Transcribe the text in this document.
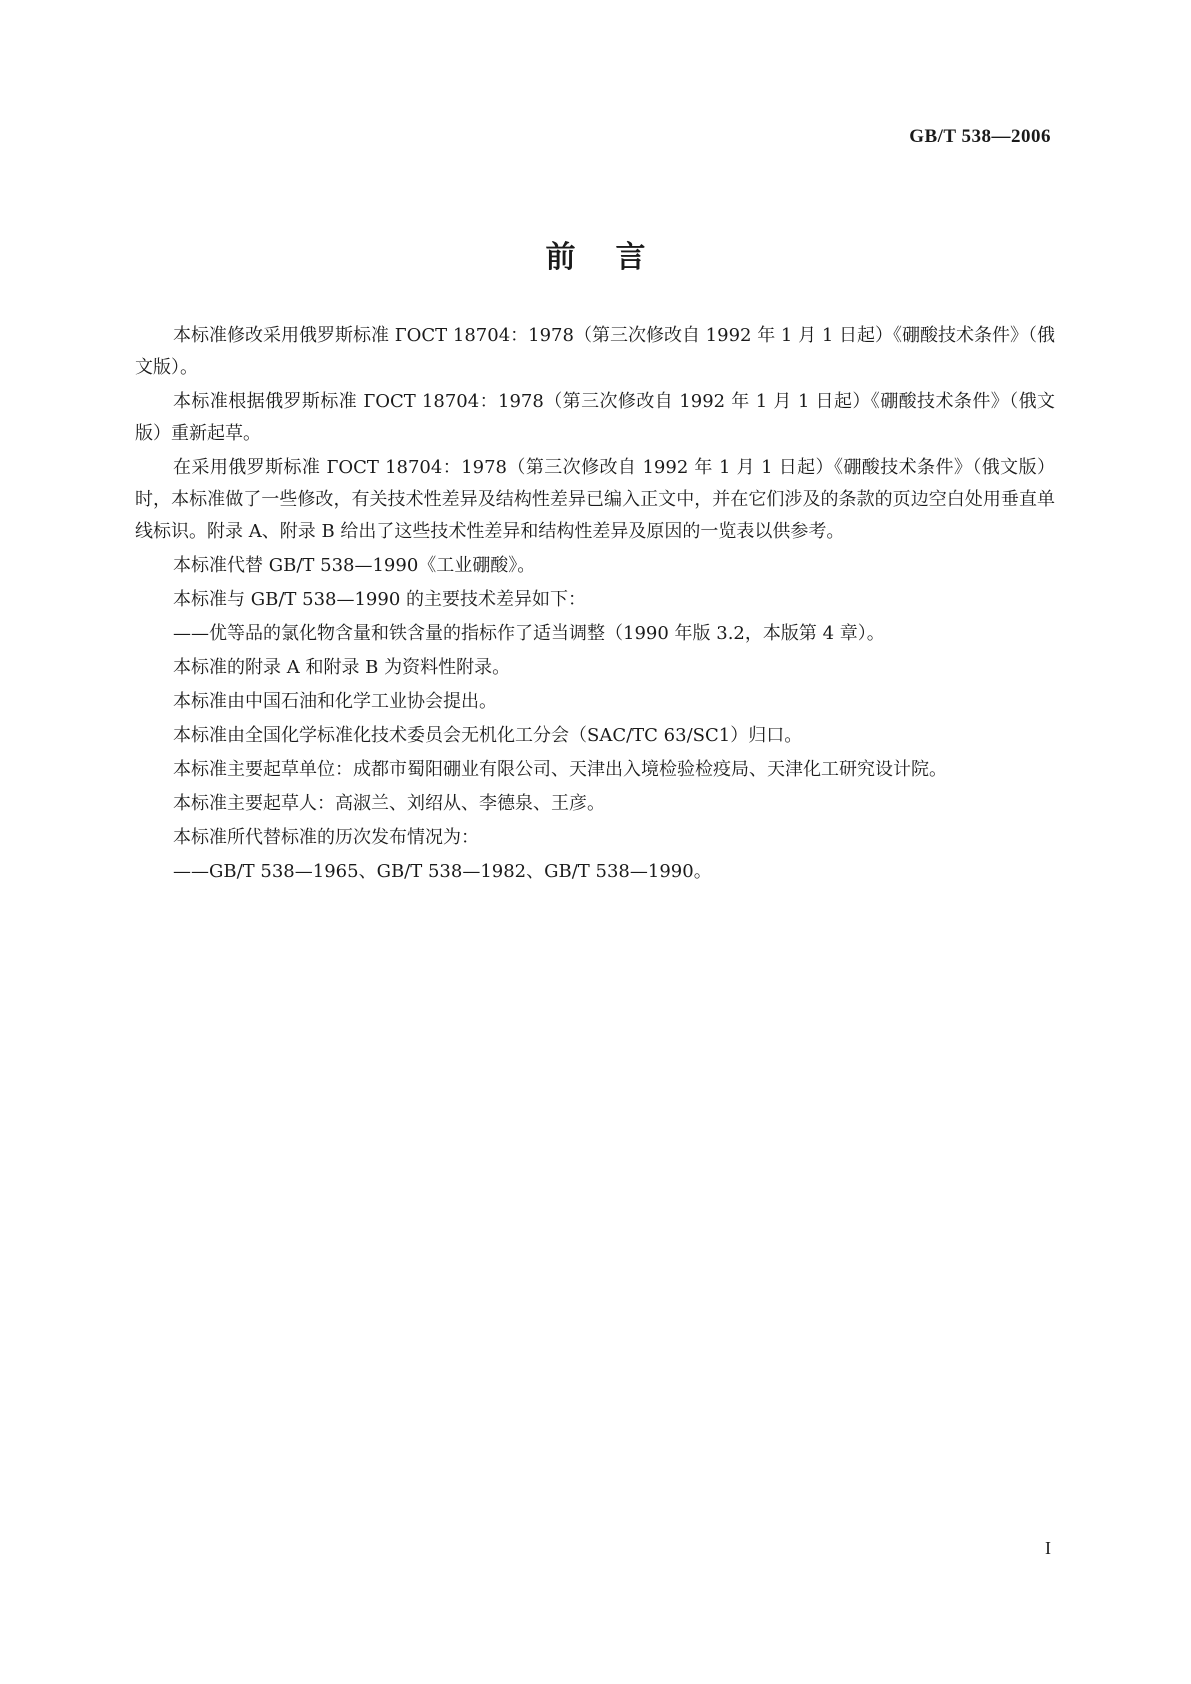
GB/T 538—2006
前言

本标准修改采用俄罗斯标准 ГОСТ 18704：1978（第三次修改自 1992 年 1 月 1 日起）《硼酸技术条件》（俄文版）。

本标准根据俄罗斯标准 ГОСТ 18704：1978（第三次修改自 1992 年 1 月 1 日起）《硼酸技术条件》（俄文版）重新起草。

在采用俄罗斯标准 ГОСТ 18704：1978（第三次修改自 1992 年 1 月 1 日起）《硼酸技术条件》（俄文版）时，本标准做了一些修改，有关技术性差异及结构性差异已编入正文中，并在它们涉及的条款的页边空白处用垂直单线标识。附录 A、附录 B 给出了这些技术性差异和结构性差异及原因的一览表以供参考。

本标准代替 GB/T 538—1990《工业硼酸》。

本标准与 GB/T 538—1990 的主要技术差异如下：

——优等品的氯化物含量和铁含量的指标作了适当调整（1990 年版 3.2，本版第 4 章）。

本标准的附录 A 和附录 B 为资料性附录。

本标准由中国石油和化学工业协会提出。

本标准由全国化学标准化技术委员会无机化工分会（SAC/TC 63/SC1）归口。

本标准主要起草单位：成都市蜀阳硼业有限公司、天津出入境检验检疫局、天津化工研究设计院。

本标准主要起草人：高淑兰、刘绍从、李德泉、王彦。

本标准所代替标准的历次发布情况为：

——GB/T 538—1965、GB/T 538—1982、GB/T 538—1990。

I
